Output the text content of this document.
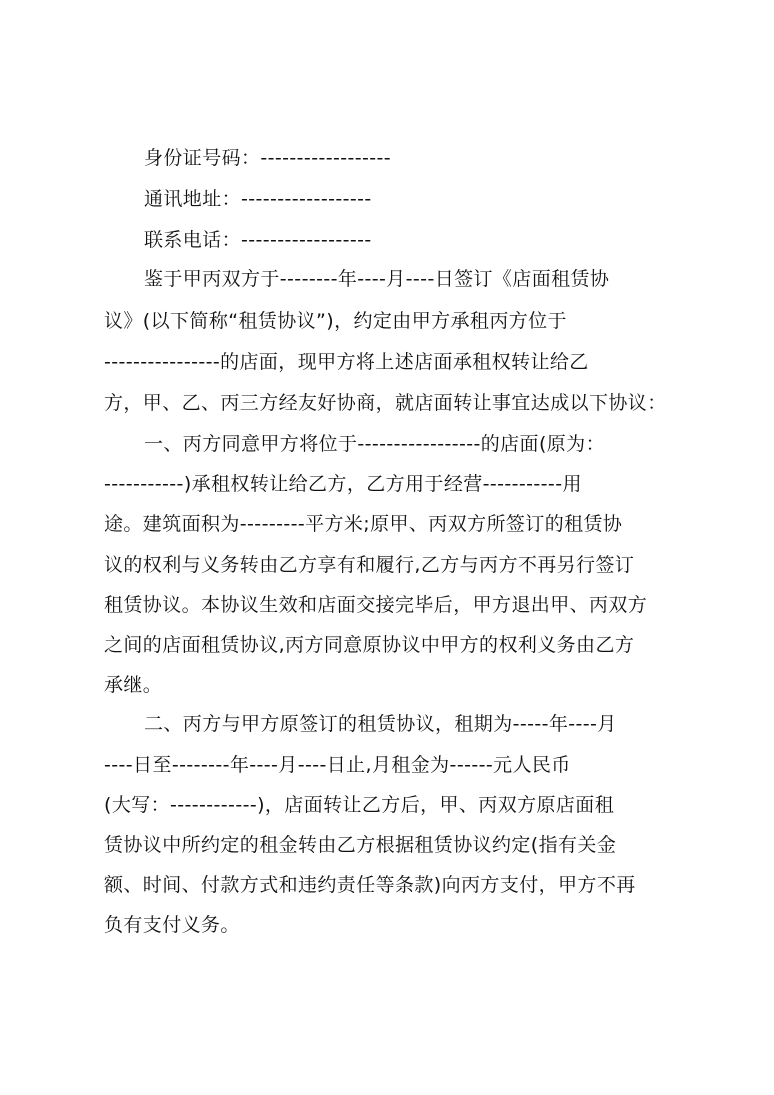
身份证号码：------------------
通讯地址：------------------
联系电话：------------------
鉴于甲丙双方于--------年----月----日签订《店面租赁协
议》(以下简称“租赁协议”)，约定由甲方承租丙方位于
----------------的店面，现甲方将上述店面承租权转让给乙
方，甲、乙、丙三方经友好协商，就店面转让事宜达成以下协议：
一、丙方同意甲方将位于-----------------的店面(原为：
-----------)承租权转让给乙方，乙方用于经营-----------用
途。建筑面积为---------平方米;原甲、丙双方所签订的租赁协
议的权利与义务转由乙方享有和履行,乙方与丙方不再另行签订
租赁协议。本协议生效和店面交接完毕后，甲方退出甲、丙双方
之间的店面租赁协议,丙方同意原协议中甲方的权利义务由乙方
承继。
二、丙方与甲方原签订的租赁协议，租期为-----年----月
----日至--------年----月----日止,月租金为------元人民币
(大写：------------)，店面转让乙方后，甲、丙双方原店面租
赁协议中所约定的租金转由乙方根据租赁协议约定(指有关金
额、时间、付款方式和违约责任等条款)向丙方支付，甲方不再
负有支付义务。
